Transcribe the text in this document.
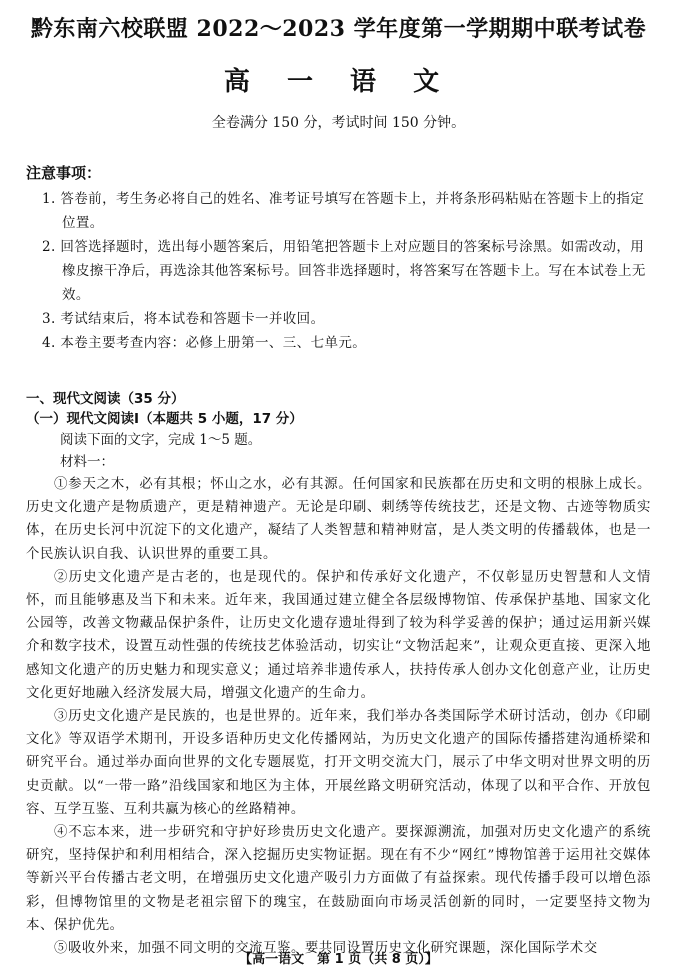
黔东南六校联盟 2022～2023 学年度第一学期期中联考试卷
高 一 语 文
全卷满分 150 分，考试时间 150 分钟。
注意事项：
1. 答卷前，考生务必将自己的姓名、准考证号填写在答题卡上，并将条形码粘贴在答题卡上的指定位置。
2. 回答选择题时，选出每小题答案后，用铅笔把答题卡上对应题目的答案标号涂黑。如需改动，用橡皮擦干净后，再选涂其他答案标号。回答非选择题时，将答案写在答题卡上。写在本试卷上无效。
3. 考试结束后，将本试卷和答题卡一并收回。
4. 本卷主要考查内容：必修上册第一、三、七单元。
一、现代文阅读（35 分）
（一）现代文阅读Ⅰ（本题共 5 小题，17 分）
阅读下面的文字，完成 1～5 题。
材料一：

①参天之木，必有其根；怀山之水，必有其源。任何国家和民族都在历史和文明的根脉上成长。历史文化遗产是物质遗产，更是精神遗产。无论是印刷、刺绣等传统技艺，还是文物、古迹等物质实体，在历史长河中沉淀下的文化遗产，凝结了人类智慧和精神财富，是人类文明的传播载体，也是一个民族认识自我、认识世界的重要工具。

②历史文化遗产是古老的，也是现代的。保护和传承好文化遗产，不仅彰显历史智慧和人文情怀，而且能够惠及当下和未来。近年来，我国通过建立健全各层级博物馆、传承保护基地、国家文化公园等，改善文物藏品保护条件，让历史文化遗存遗址得到了较为科学妥善的保护；通过运用新兴媒介和数字技术，设置互动性强的传统技艺体验活动，切实让“文物活起来”，让观众更直接、更深入地感知文化遗产的历史魅力和现实意义；通过培养非遗传承人，扶持传承人创办文化创意产业，让历史文化更好地融入经济发展大局，增强文化遗产的生命力。

③历史文化遗产是民族的，也是世界的。近年来，我们举办各类国际学术研讨活动，创办《印刷文化》等双语学术期刊，开设多语种历史文化传播网站，为历史文化遗产的国际传播搭建沟通桥梁和研究平台。通过举办面向世界的文化专题展览，打开文明交流大门，展示了中华文明对世界文明的历史贡献。以“一带一路”沿线国家和地区为主体，开展丝路文明研究活动，体现了以和平合作、开放包容、互学互鉴、互利共赢为核心的丝路精神。

④不忘本来，进一步研究和守护好珍贵历史文化遗产。要探源溯流，加强对历史文化遗产的系统研究，坚持保护和利用相结合，深入挖掘历史实物证据。现在有不少“网红”博物馆善于运用社交媒体等新兴平台传播古老文明，在增强历史文化遗产吸引力方面做了有益探索。现代传播手段可以增色添彩，但博物馆里的文物是老祖宗留下的瑰宝，在鼓励面向市场灵活创新的同时，一定要坚持文物为本、保护优先。

⑤吸收外来，加强不同文明的交流互鉴。要共同设置历史文化研究课题，深化国际学术交

【高一语文　第 1 页（共 8 页）】
